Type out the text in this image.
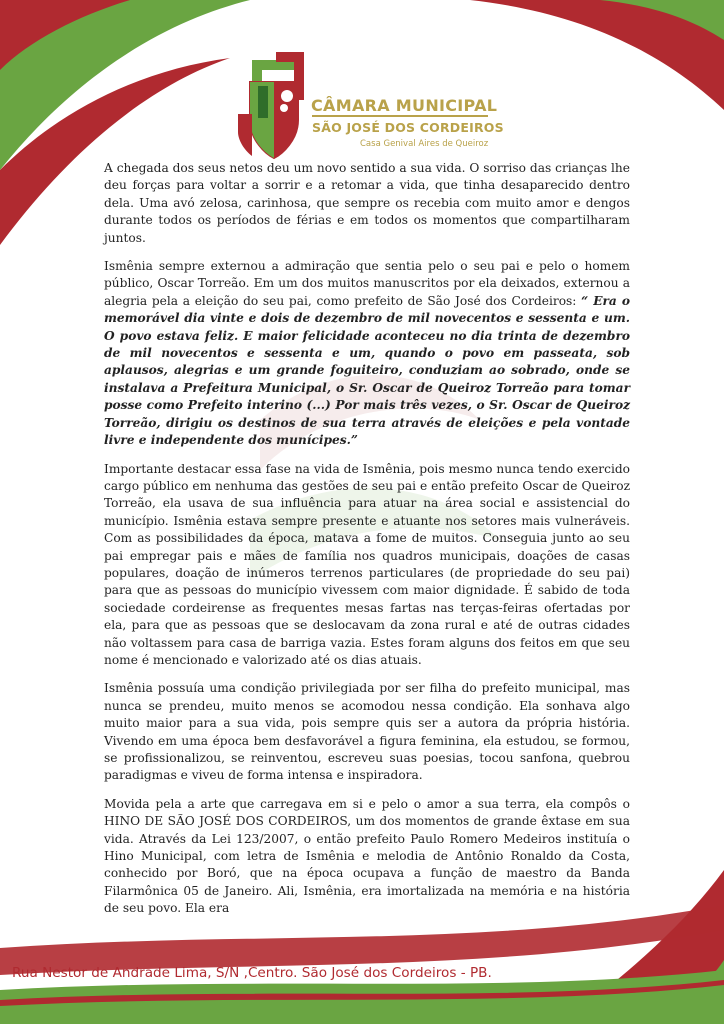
CÂMARA MUNICIPAL
SÃO JOSÉ DOS CORDEIROS
Casa Genival Aires de Queiroz

A chegada dos seus netos deu um novo sentido a sua vida. O sorriso das crianças lhe deu forças para voltar a sorrir e a retomar a vida, que tinha desaparecido dentro dela. Uma avó zelosa, carinhosa, que sempre os recebia com muito amor e dengos durante todos os períodos de férias e em todos os momentos que compartilharam juntos.

Ismênia sempre externou a admiração que sentia pelo o seu pai e pelo o homem público, Oscar Torreão. Em um dos muitos manuscritos por ela deixados, externou a alegria pela a eleição do seu pai, como prefeito de São José dos Cordeiros: “ Era o memorável dia vinte e dois de dezembro de mil novecentos e sessenta e um. O povo estava feliz. E maior felicidade aconteceu no dia trinta de dezembro de mil novecentos e sessenta e um, quando o povo em passeata, sob aplausos, alegrias e um grande foguiteiro, conduziam ao sobrado, onde se instalava a Prefeitura Municipal, o Sr. Oscar de Queiroz Torreão para tomar posse como Prefeito interino (...) Por mais três vezes, o Sr. Oscar de Queiroz Torreão, dirigiu os destinos de sua terra através de eleições e pela vontade livre e independente dos munícipes.”

Importante destacar essa fase na vida de Ismênia, pois mesmo nunca tendo exercido cargo público em nenhuma das gestões de seu pai e então prefeito Oscar de Queiroz Torreão, ela usava de sua influência para atuar na área social e assistencial do município. Ismênia estava sempre presente e atuante nos setores mais vulneráveis. Com as possibilidades da época, matava a fome de muitos. Conseguia junto ao seu pai empregar pais e mães de família nos quadros municipais, doações de casas populares, doação de inúmeros terrenos particulares (de propriedade do seu pai) para que as pessoas do município vivessem com maior dignidade. É sabido de toda sociedade cordeirense as frequentes mesas fartas nas terças-feiras ofertadas por ela, para que as pessoas que se deslocavam da zona rural e até de outras cidades não voltassem para casa de barriga vazia. Estes foram alguns dos feitos em que seu nome é mencionado e valorizado até os dias atuais.

Ismênia possuía uma condição privilegiada por ser filha do prefeito municipal, mas nunca se prendeu, muito menos se acomodou nessa condição. Ela sonhava algo muito maior para a sua vida, pois sempre quis ser a autora da própria história. Vivendo em uma época bem desfavorável a figura feminina, ela estudou, se formou, se profissionalizou, se reinventou, escreveu suas poesias, tocou sanfona, quebrou paradigmas e viveu de forma intensa e inspiradora.

Movida pela a arte que carregava em si e pelo o amor a sua terra, ela compôs o HINO DE SÃO JOSÉ DOS CORDEIROS, um dos momentos de grande êxtase em sua vida. Através da Lei 123/2007, o então prefeito Paulo Romero Medeiros instituía o Hino Municipal, com letra de Ismênia e melodia de Antônio Ronaldo da Costa, conhecido por Boró, que na época ocupava a função de maestro da Banda Filarmônica 05 de Janeiro. Ali, Ismênia, era imortalizada na memória e na história de seu povo. Ela era

Rua Nestor de Andrade Lima, S/N ,Centro. São José dos Cordeiros - PB.
